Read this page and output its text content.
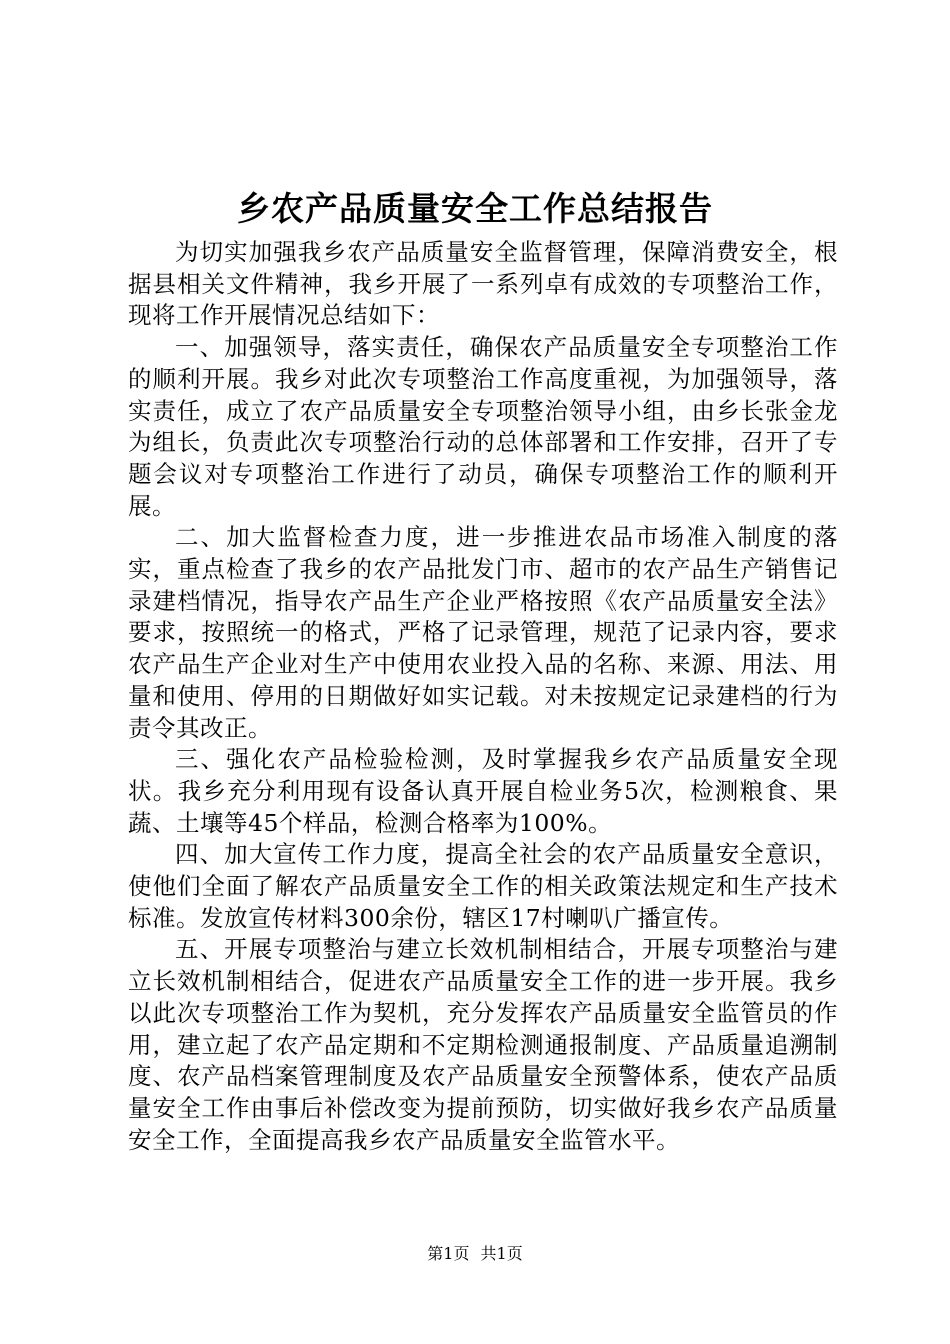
乡农产品质量安全工作总结报告

为切实加强我乡农产品质量安全监督管理，保障消费安全，根据县相关文件精神，我乡开展了一系列卓有成效的专项整治工作，现将工作开展情况总结如下：

一、加强领导，落实责任，确保农产品质量安全专项整治工作的顺利开展。我乡对此次专项整治工作高度重视，为加强领导，落实责任，成立了农产品质量安全专项整治领导小组，由乡长张金龙为组长，负责此次专项整治行动的总体部署和工作安排，召开了专题会议对专项整治工作进行了动员，确保专项整治工作的顺利开展。

二、加大监督检查力度，进一步推进农品市场准入制度的落实，重点检查了我乡的农产品批发门市、超市的农产品生产销售记录建档情况，指导农产品生产企业严格按照《农产品质量安全法》要求，按照统一的格式，严格了记录管理，规范了记录内容，要求农产品生产企业对生产中使用农业投入品的名称、来源、用法、用量和使用、停用的日期做好如实记载。对未按规定记录建档的行为责令其改正。

三、强化农产品检验检测，及时掌握我乡农产品质量安全现状。我乡充分利用现有设备认真开展自检业务5次，检测粮食、果蔬、土壤等45个样品，检测合格率为100%。

四、加大宣传工作力度，提高全社会的农产品质量安全意识，使他们全面了解农产品质量安全工作的相关政策法规定和生产技术标准。发放宣传材料300余份，辖区17村喇叭广播宣传。

五、开展专项整治与建立长效机制相结合，开展专项整治与建立长效机制相结合，促进农产品质量安全工作的进一步开展。我乡以此次专项整治工作为契机，充分发挥农产品质量安全监管员的作用，建立起了农产品定期和不定期检测通报制度、产品质量追溯制度、农产品档案管理制度及农产品质量安全预警体系，使农产品质量安全工作由事后补偿改变为提前预防，切实做好我乡农产品质量安全工作，全面提高我乡农产品质量安全监管水平。

第1页 共1页
